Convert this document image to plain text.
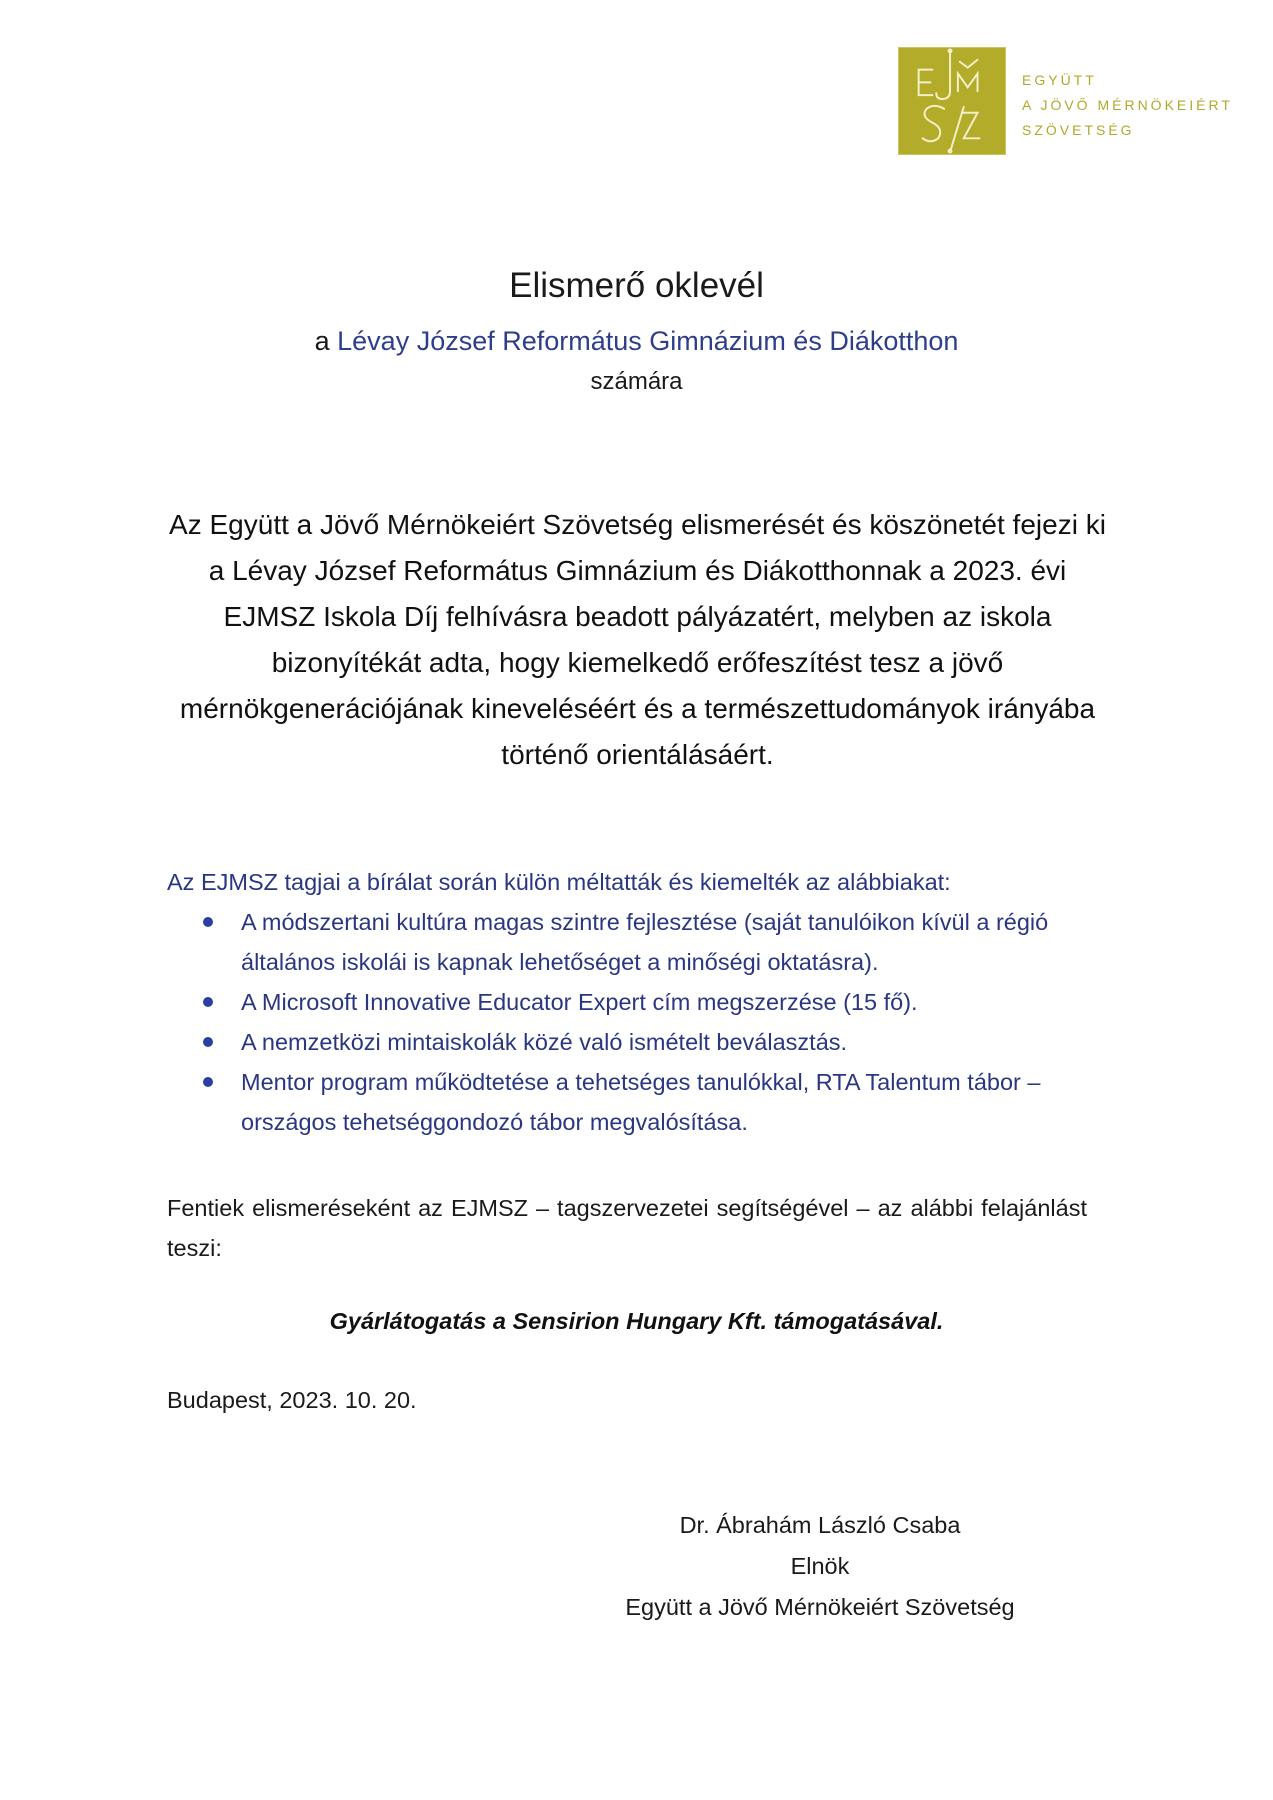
EGYÜTT
A JÖVŐ MÉRNÖKEIÉRT
SZÖVETSÉG
Elismerő oklevél
a Lévay József Református Gimnázium és Diákotthon
számára
Az Együtt a Jövő Mérnökeiért Szövetség elismerését és köszönetét fejezi ki a Lévay József Református Gimnázium és Diákotthonnak a 2023. évi EJMSZ Iskola Díj felhívásra beadott pályázatért, melyben az iskola bizonyítékát adta, hogy kiemelkedő erőfeszítést tesz a jövő mérnökgenerációjának kineveléséért és a természettudományok irányába történő orientálásáért.
Az EJMSZ tagjai a bírálat során külön méltatták és kiemelték az alábbiakat:
A módszertani kultúra magas szintre fejlesztése (saját tanulóikon kívül a régió általános iskolái is kapnak lehetőséget a minőségi oktatásra).
A Microsoft Innovative Educator Expert cím megszerzése (15 fő).
A nemzetközi mintaiskolák közé való ismételt beválasztás.
Mentor program működtetése a tehetséges tanulókkal, RTA Talentum tábor – országos tehetséggondozó tábor megvalósítása.
Fentiek elismeréseként az EJMSZ – tagszervezetei segítségével – az alábbi felajánlást teszi:
Gyárlátogatás a Sensirion Hungary Kft. támogatásával.
Budapest, 2023. 10. 20.
Dr. Ábrahám László Csaba
Elnök
Együtt a Jövő Mérnökeiért Szövetség
